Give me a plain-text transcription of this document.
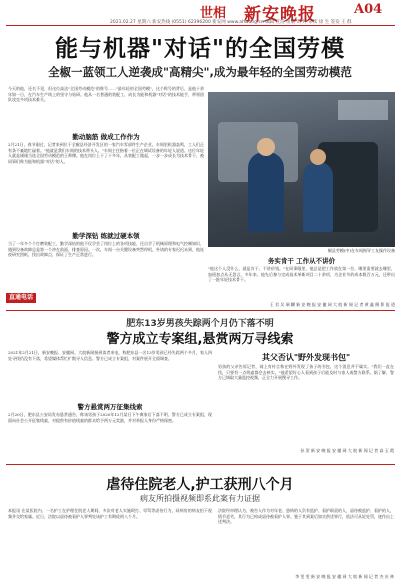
世相 新安晚报	A04
2021.02.27 星期六 新安热线 (0551) 62396200 新安网 www.ahwang.cn 编辑 宣洁 组版 刘 婷 审读 徐 生 签发 王 群
能与机器"对话"的全国劳模
全椒一蓝领工人逆袭成"高精尖",成为最年轻的全国劳动模范
今天的他，还名不见，但这位高达"全国劳动模范"的称号……"最年轻的全国劳模"，这个称号的背后，是他十余年如一日，在汽车生产线上的坚守与钻研。他从一名普通的装配工，成长为能和机器"对话"的技术能手，带领团队攻克多项技术难关。
勤动脑筋 做成工作作为
2月21日，春节刚过，记者来到位于全椒县经济开发区的一家汽车零部件生产企业。车间里机器轰鸣，工人们正有条不紊地忙碌着。"他就是我们车间的技术带头人。"车间主任指着一位正在调试设备的年轻人说道。这位年轻人就是刚刚当选全国劳动模范的王师傅。他在岗位上干了十多年，从装配工做起，一步一步成长为技术骨干，被同事们称为能和机器"对话"的人。
勤学深钻 练就过硬本领
当了一年多个个打磨装配工，勤学深钻的他不仅学会了岗位上的各项技能，还自学了机械原理和电气控制知识，遇到设备故障总是第一个冲在前面，排查原因。一次，车间一台关键设备突然停机，外请的专家迟迟未到，他连夜研究图纸，找出故障点，保证了生产正常进行。
椒县劳模(中)在车间指导工友操作设备
务实肯干 工作从不讲价
"他这个人没什么，就是肯干、不讲价钱。"在同事眼里，他总是把工作放在第一位，哪里需要就去哪里，加班加点从无怨言。多年来，他先后参与完成技术革新项目二十余项，为企业节约成本数百万元，还带出了一批年轻技术骨干。
王 君 吴 瑞 麟 新 安 晚 报 安 徽 网 大 皖 新 闻 记 者 黄 鑫 摄 影 报 道
直通电话
肥东13岁男孩失踪两个月仍下落不明
警方成立专案组,悬赏两万寻线索
2021年2月21日，新安晚报、安徽网、大皖新闻接到读者来电，称肥东县一名13岁男孩已经失踪两个多月，家人四处寻找仍没有下落，希望媒体帮忙扩散寻人信息。警方已成立专案组，对案件展开全面调查。
警方悬赏两万征集线索
2月20日，肥东县公安局发布悬赏通告，称该男孩于2020年12月某日下午离家后下落不明，警方已成立专案组，现面向社会公开征集线索，对提供有价值线索的群众给予两万元奖励，并对举报人身份严格保密。
其父否认"野外发现书包"
男孩的父亲告诉记者，网上有传言称在野外发现了孩子的书包，这个消息并不属实。"我们一直在找，只要有一点线索都会去核实。"他希望好心人看到孩子后能及时与家人或警方联系。据了解，警方已调取大量监控视频，正全力开展搜寻工作。
孙 贺 新 安 晚 报 安 徽 网 大 皖 新 闻 记 者 高 玉 霞
虐待住院老人,护工获刑八个月
病友所拍摄视频即系此案有力证据
本报讯 在某医院内，一名护工在护理住院老人期间，多次对老人实施殴打、辱骂等虐待行为，同病房的病友拍下视频并交给家属。近日，法院以虐待被看护人罪判处该护工有期徒刑八个月。
法院经审理认为，被告人作为对年老、患病的人负有监护、看护职责的人，虐待被监护、看护的人，情节恶劣，其行为已构成虐待被看护人罪。鉴于其到案后如实供述罪行，依法可从轻处罚，遂作出上述判决。
李 雯 雯 新 安 晚 报 安 徽 网 大 皖 新 闻 记 者 杰 庆 林
